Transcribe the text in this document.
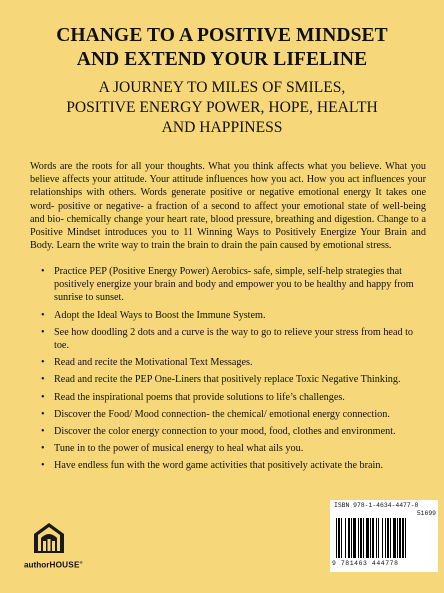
CHANGE TO A POSITIVE MINDSET
AND EXTEND YOUR LIFELINE
A JOURNEY TO MILES OF SMILES,
POSITIVE ENERGY POWER, HOPE, HEALTH
AND HAPPINESS

Words are the roots for all your thoughts. What you think affects what you believe. What you believe affects your attitude. Your attitude influences how you act. How you act influences your relationships with others. Words generate positive or negative emotional energy It takes one word- positive or negative- a fraction of a second to affect your emotional state of well-being and bio- chemically change your heart rate, blood pressure, breathing and digestion. Change to a Positive Mindset introduces you to 11 Winning Ways to Positively Energize Your Brain and Body. Learn the write way to train the brain to drain the pain caused by emotional stress.

• Practice PEP (Positive Energy Power) Aerobics- safe, simple, self-help strategies that positively energize your brain and body and empower you to be healthy and happy from sunrise to sunset.
• Adopt the Ideal Ways to Boost the Immune System.
• See how doodling 2 dots and a curve is the way to go to relieve your stress from head to toe.
• Read and recite the Motivational Text Messages.
• Read and recite the PEP One-Liners that positively replace Toxic Negative Thinking.
• Read the inspirational poems that provide solutions to life’s challenges.
• Discover the Food/ Mood connection- the chemical/ emotional energy connection.
• Discover the color energy connection to your mood, food, clothes and environment.
• Tune in to the power of musical energy to heal what ails you.
• Have endless fun with the word game activities that positively activate the brain.
authorHOUSE®
ISBN 978-1-4634-4477-8
51699
9 781463 444778
